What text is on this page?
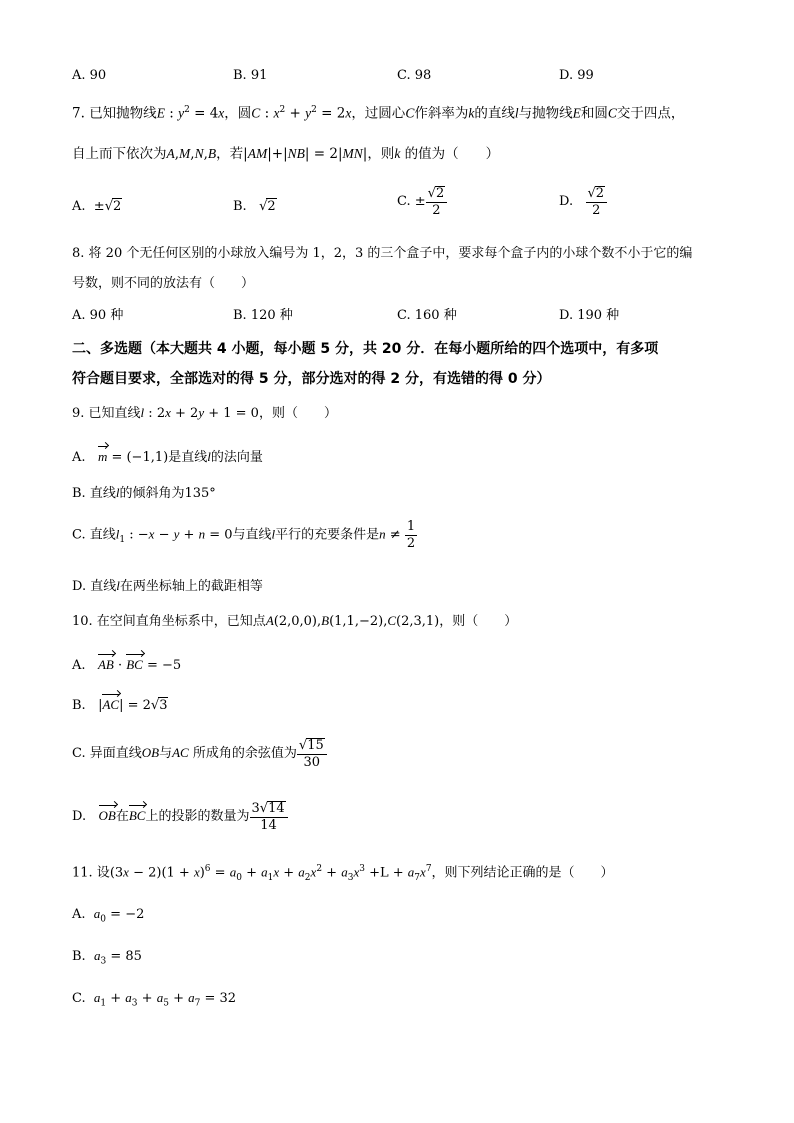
A. 90	B. 91	C. 98	D. 99
7. 已知抛物线E : $y^2 = 4x$，圆C : $x^2 + y^2 = 2x$，过圆心C作斜率为k的直线l与抛物线E和圆C交于四点，
自上而下依次为A,M,N,B，若|AM|+|NB| = 2|MN|，则k 的值为（　　）
A.  ±√2	B. √2	C. ± $\frac{√2}{2}$	D. $\frac{√2}{2}$
8. 将 20 个无任何区别的小球放入编号为 1，2，3 的三个盒子中，要求每个盒子内的小球个数不小于它的编
号数，则不同的放法有（　　）
A. 90 种	B. 120 种	C. 160 种	D. 190 种
二、多选题（本大题共 4 小题，每小题 5 分，共 20 分．在每小题所给的四个选项中，有多项
符合题目要求，全部选对的得 5 分，部分选对的得 2 分，有选错的得 0 分）
9. 已知直线l : 2x + 2y + 1 = 0，则（　　）
A. m = (−1,1)是直线l的法向量
B. 直线l的倾斜角为135°
C. 直线$l_1$ : −x − y + n = 0与直线l平行的充要条件是$n \ne \frac{1}{2}$
D. 直线l在两坐标轴上的截距相等
10. 在空间直角坐标系中，已知点A(2,0,0),B(1,1,−2),C(2,3,1)，则（　　）
A. AB · BC = −5
B.   |AC| = 2√3
C. 异面直线OB与AC 所成角的余弦值为 $\frac{√15}{30}$
D. OB在BC上的投影的数量为 $\frac{3√14}{14}$
11. 设$(3x - 2)(1 + x)^6 = a_0 + a_1x + a_2x^2 + a_3x^3 +L + a_7x^7$，则下列结论正确的是（　　）
A. $a_0 = -2$
B. $a_3 = 85$
C. $a_1 + a_3 + a_5 + a_7 = 32$
